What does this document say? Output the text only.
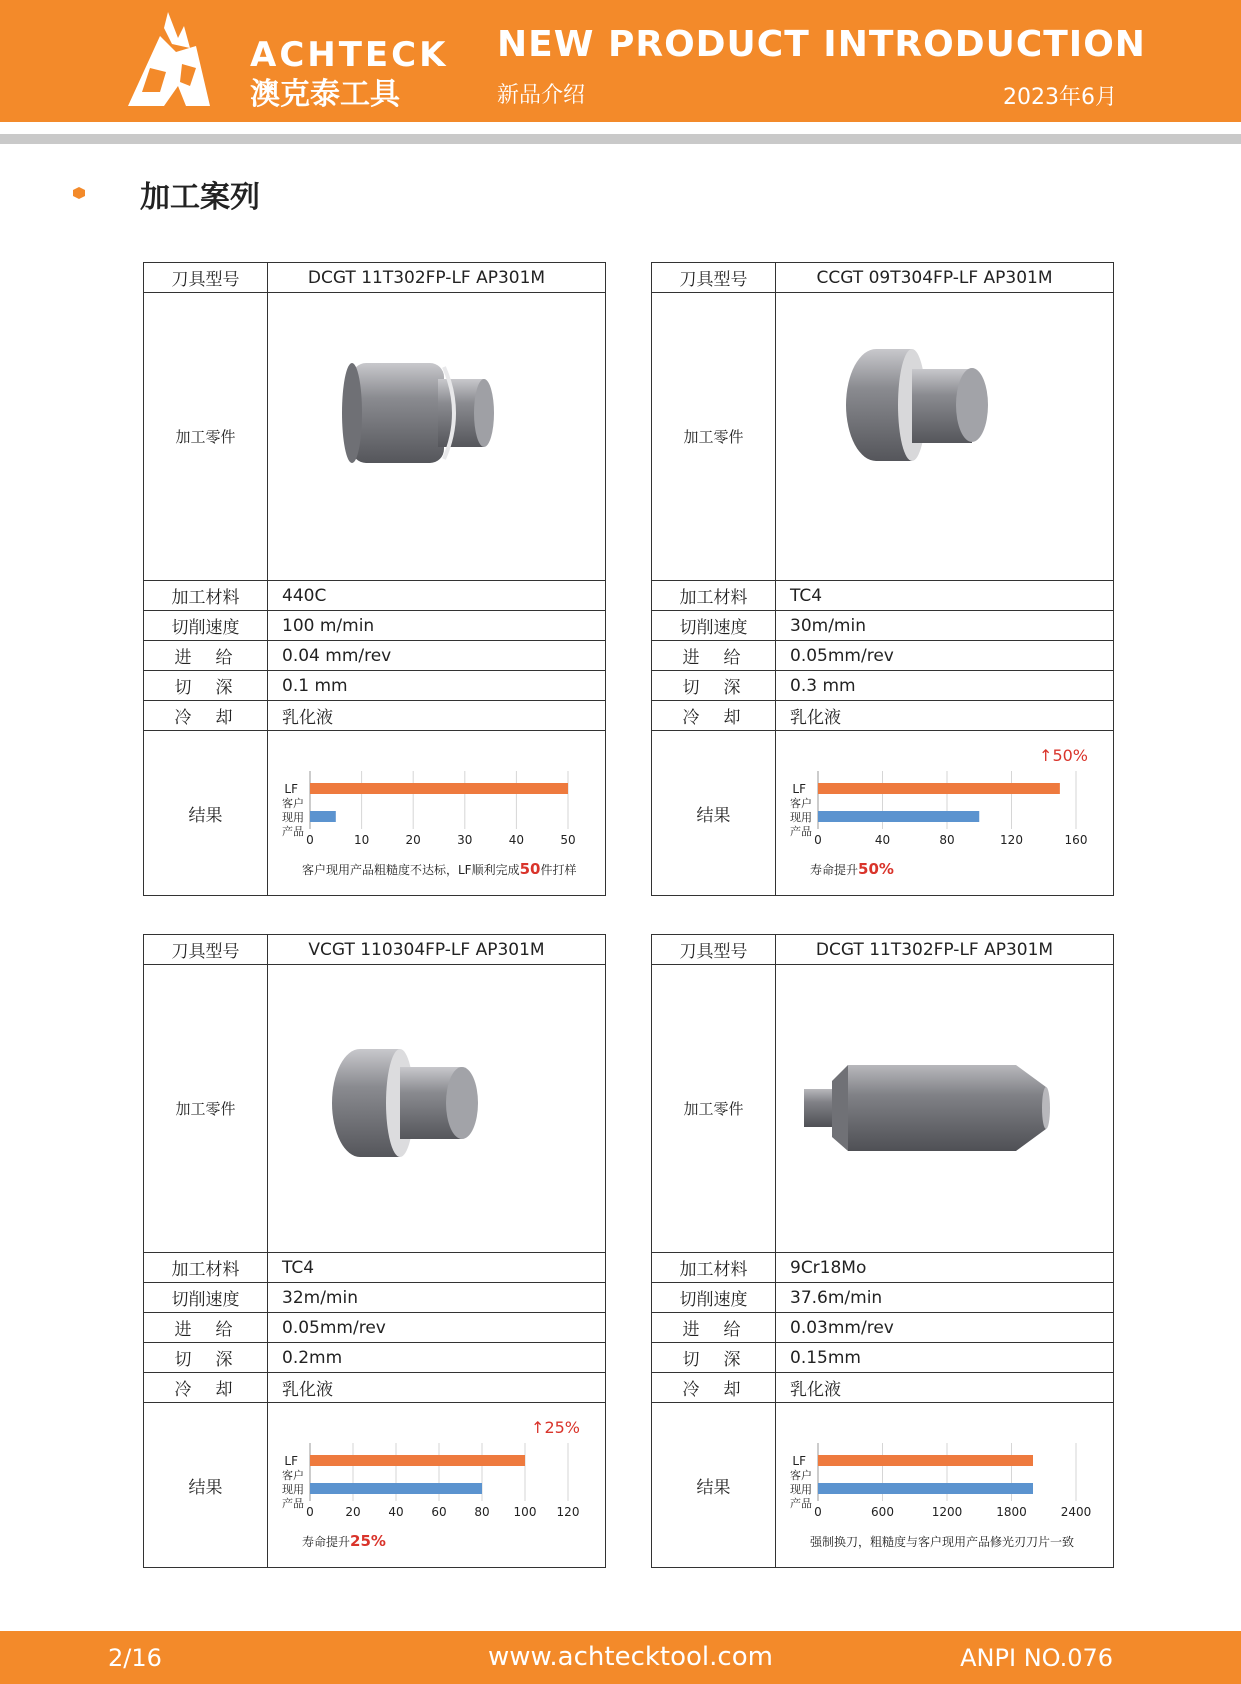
ACHTECK
澳克泰工具
NEW PRODUCT INTRODUCTION
新品介绍	2023年6月
加工案列
刀具型号	DCGT 11T302FP-LF AP301M
加工零件
加工材料	440C
切削速度	100 m/min
进给	0.04 mm/rev
切深	0.1 mm
冷却	乳化液
结果
0	10	20	30	40	50
LF
客户现用产品
客户现用产品粗糙度不达标，LF顺利完成50件打样
刀具型号	CCGT 09T304FP-LF AP301M
加工零件
加工材料	TC4
切削速度	30m/min
进给	0.05mm/rev
切深	0.3 mm
冷却	乳化液
结果
0	40	80	120	160
LF
客户现用产品
↑50%
寿命提升50%
刀具型号	VCGT 110304FP-LF AP301M
加工零件
加工材料	TC4
切削速度	32m/min
进给	0.05mm/rev
切深	0.2mm
冷却	乳化液
结果
0	20 40 60 80 100 120
LF
客户现用产品
↑25%
寿命提升25%
刀具型号	DCGT 11T302FP-LF AP301M
加工零件
加工材料	9Cr18Mo
切削速度	37.6m/min
进给	0.03mm/rev
切深	0.15mm
冷却	乳化液
结果
0	600	1200	1800	2400
LF
客户现用产品
强制换刀，粗糙度与客户现用产品修光刃刀片一致
2/16	www.achtecktool.com	ANPI NO.076
